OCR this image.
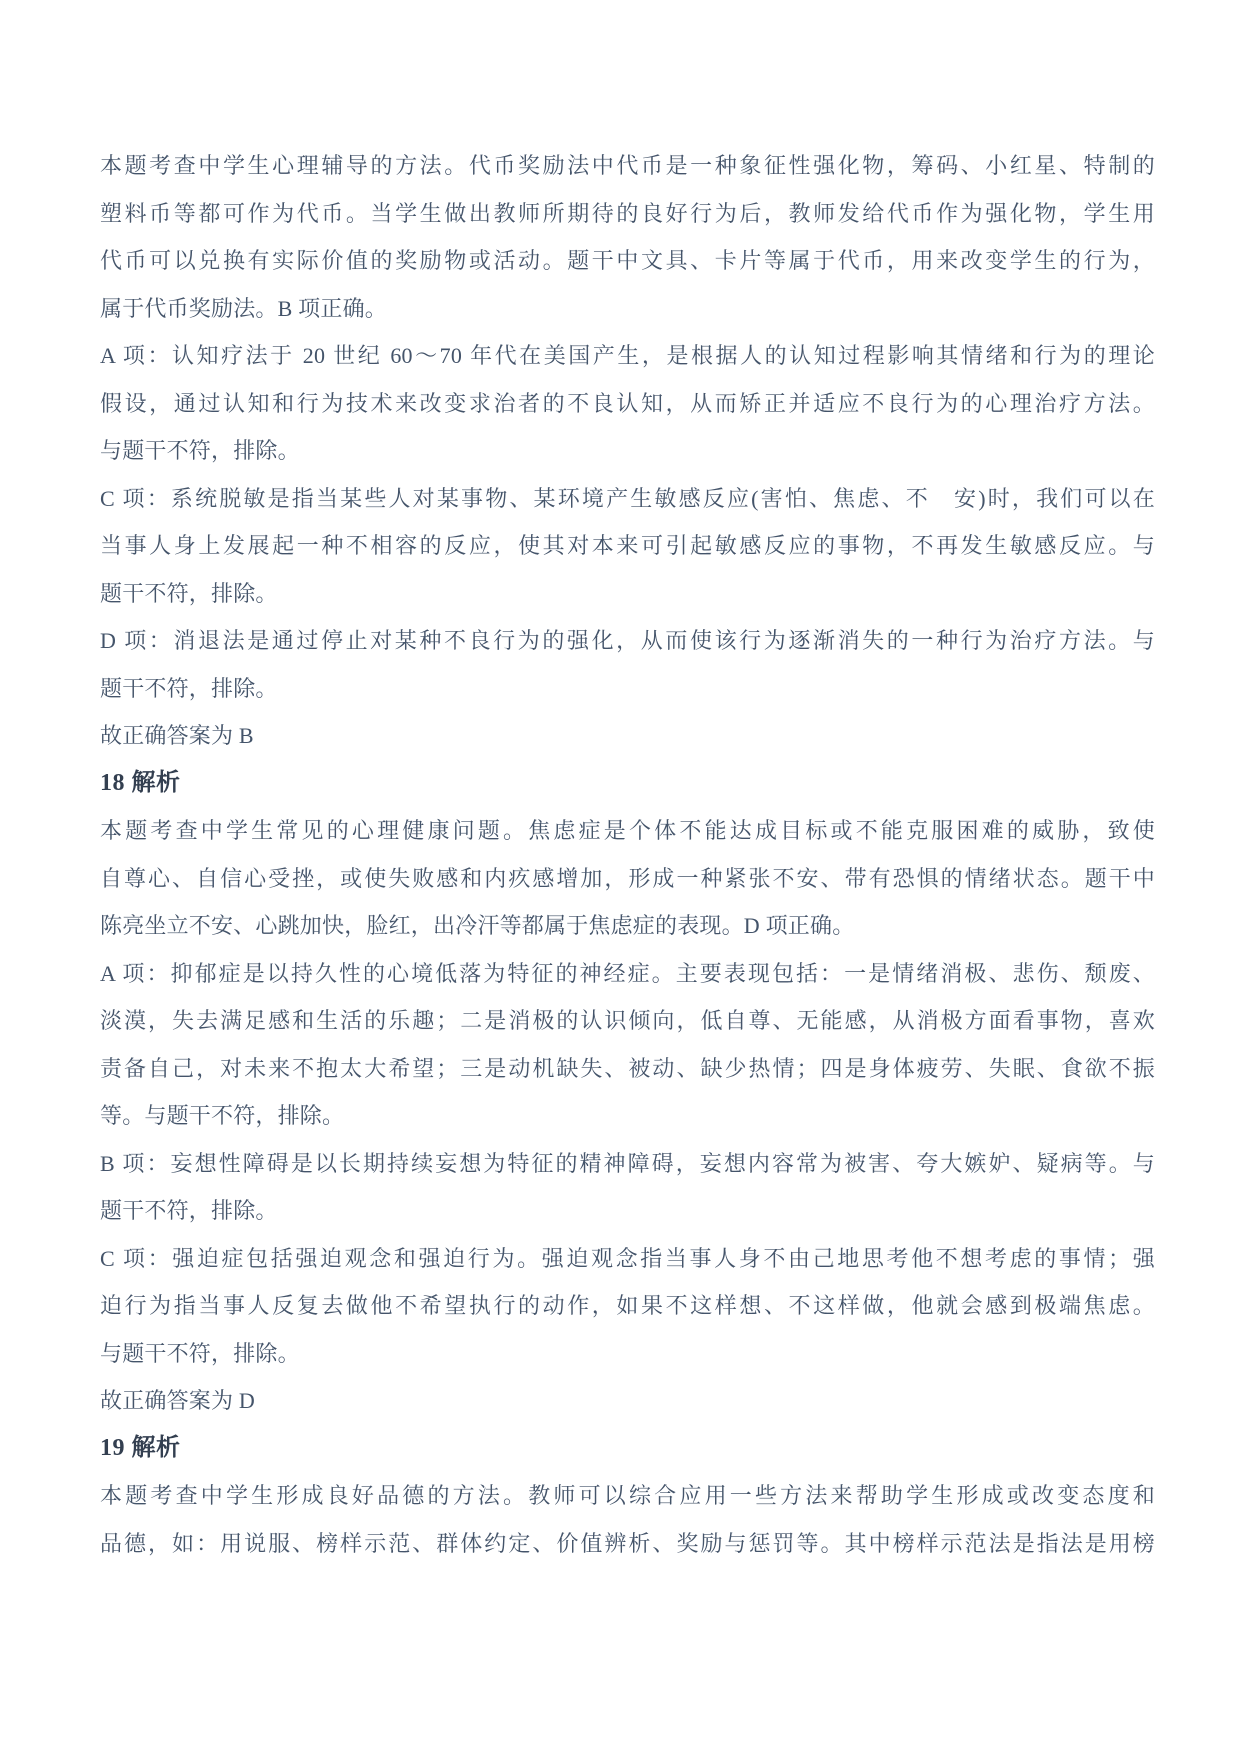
本题考查中学生心理辅导的方法。代币奖励法中代币是一种象征性强化物，筹码、小红星、特制的
塑料币等都可作为代币。当学生做出教师所期待的良好行为后，教师发给代币作为强化物，学生用
代币可以兑换有实际价值的奖励物或活动。题干中文具、卡片等属于代币，用来改变学生的行为，
属于代币奖励法。B 项正确。
A 项：认知疗法于 20 世纪 60～70 年代在美国产生，是根据人的认知过程影响其情绪和行为的理论
假设，通过认知和行为技术来改变求治者的不良认知，从而矫正并适应不良行为的心理治疗方法。
与题干不符，排除。
C 项：系统脱敏是指当某些人对某事物、某环境产生敏感反应(害怕、焦虑、不　安)时，我们可以在
当事人身上发展起一种不相容的反应，使其对本来可引起敏感反应的事物，不再发生敏感反应。与
题干不符，排除。
D 项：消退法是通过停止对某种不良行为的强化，从而使该行为逐渐消失的一种行为治疗方法。与
题干不符，排除。
故正确答案为 B
18 解析
本题考查中学生常见的心理健康问题。焦虑症是个体不能达成目标或不能克服困难的威胁，致使
自尊心、自信心受挫，或使失败感和内疚感增加，形成一种紧张不安、带有恐惧的情绪状态。题干中
陈亮坐立不安、心跳加快，脸红，出冷汗等都属于焦虑症的表现。D 项正确。
A 项：抑郁症是以持久性的心境低落为特征的神经症。主要表现包括：一是情绪消极、悲伤、颓废、
淡漠，失去满足感和生活的乐趣；二是消极的认识倾向，低自尊、无能感，从消极方面看事物，喜欢
责备自己，对未来不抱太大希望；三是动机缺失、被动、缺少热情；四是身体疲劳、失眠、食欲不振
等。与题干不符，排除。
B 项：妄想性障碍是以长期持续妄想为特征的精神障碍，妄想内容常为被害、夸大嫉妒、疑病等。与
题干不符，排除。
C 项：强迫症包括强迫观念和强迫行为。强迫观念指当事人身不由己地思考他不想考虑的事情；强
迫行为指当事人反复去做他不希望执行的动作，如果不这样想、不这样做，他就会感到极端焦虑。
与题干不符，排除。
故正确答案为 D
19 解析
本题考查中学生形成良好品德的方法。教师可以综合应用一些方法来帮助学生形成或改变态度和
品德，如：用说服、榜样示范、群体约定、价值辨析、奖励与惩罚等。其中榜样示范法是指法是用榜
